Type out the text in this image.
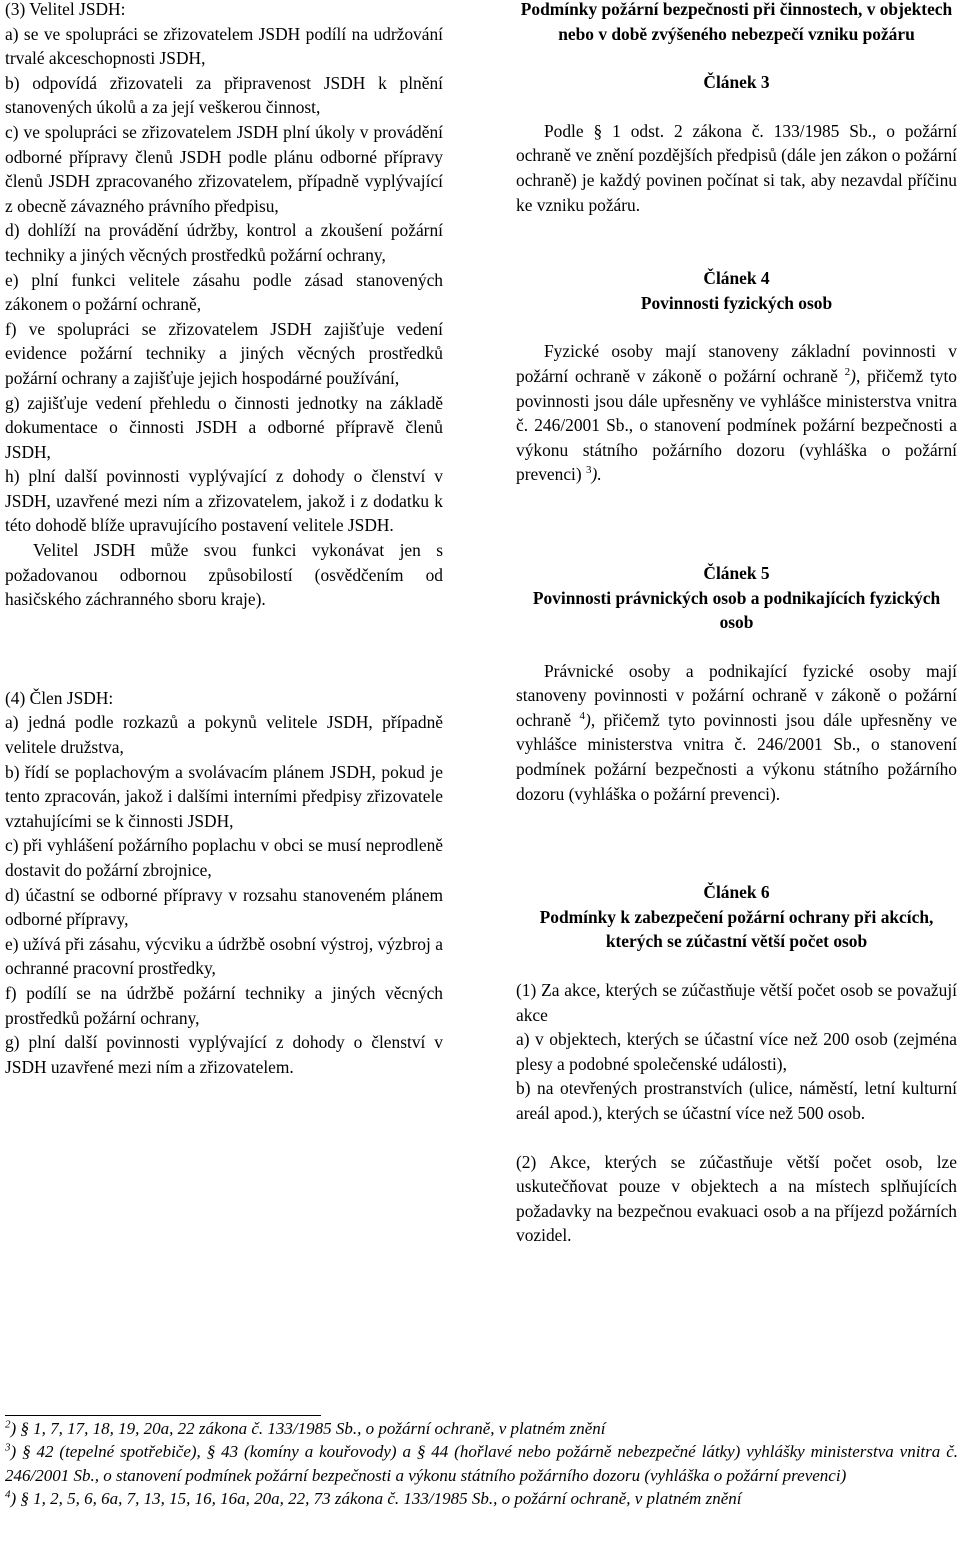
(3) Velitel JSDH:

a) se ve spolupráci se zřizovatelem JSDH podílí na udržování trvalé akceschopnosti JSDH,

b) odpovídá zřizovateli za připravenost JSDH k plnění stanovených úkolů a za její veškerou činnost,

c) ve spolupráci se zřizovatelem JSDH plní úkoly v provádění odborné přípravy členů JSDH podle plánu odborné přípravy členů JSDH zpracovaného zřizovatelem, případně vyplývající z obecně závazného právního předpisu,

d) dohlíží na provádění údržby, kontrol a zkoušení požární techniky a jiných věcných prostředků požární ochrany,

e) plní funkci velitele zásahu podle zásad stanovených zákonem o požární ochraně,

f) ve spolupráci se zřizovatelem JSDH zajišťuje vedení evidence požární techniky a jiných věcných prostředků požární ochrany a zajišťuje jejich hospodárné používání,

g) zajišťuje vedení přehledu o činnosti jednotky na základě dokumentace o činnosti JSDH a odborné přípravě členů JSDH,

h) plní další povinnosti vyplývající z dohody o členství v JSDH, uzavřené mezi ním a zřizovatelem, jakož i z dodatku k této dohodě blíže upravujícího postavení velitele JSDH.

Velitel JSDH může svou funkci vykonávat jen s požadovanou odbornou způsobilostí (osvědčením od hasičského záchranného sboru kraje).

(4) Člen JSDH:

a) jedná podle rozkazů a pokynů velitele JSDH, případně velitele družstva,

b) řídí se poplachovým a svolávacím plánem JSDH, pokud je tento zpracován, jakož i dalšími interními předpisy zřizovatele vztahujícími se k činnosti JSDH,

c) při vyhlášení požárního poplachu v obci se musí neprodleně dostavit do požární zbrojnice,

d) účastní se odborné přípravy v rozsahu stanoveném plánem odborné přípravy,

e) užívá při zásahu, výcviku a údržbě osobní výstroj, výzbroj a ochranné pracovní prostředky,

f) podílí se na údržbě požární techniky a jiných věcných prostředků požární ochrany,

g) plní další povinnosti vyplývající z dohody o členství v JSDH uzavřené mezi ním a zřizovatelem.

Podmínky požární bezpečnosti při činnostech, v objektech nebo v době zvýšeného nebezpečí vzniku požáru

Článek 3

Podle § 1 odst. 2 zákona č. 133/1985 Sb., o požární ochraně ve znění pozdějších předpisů (dále jen zákon o požární ochraně) je každý povinen počínat si tak, aby nezavdal příčinu ke vzniku požáru.

Článek 4

Povinnosti fyzických osob

Fyzické osoby mají stanoveny základní povinnosti v požární ochraně v zákoně o požární ochraně $^2$), přičemž tyto povinnosti jsou dále upřesněny ve vyhlášce ministerstva vnitra č. 246/2001 Sb., o stanovení podmínek požární bezpečnosti a výkonu státního požárního dozoru (vyhláška o požární prevenci) $^3$).

Článek 5

Povinnosti právnických osob a podnikajících fyzických osob

Právnické osoby a podnikající fyzické osoby mají stanoveny povinnosti v požární ochraně v zákoně o požární ochraně $^4$), přičemž tyto povinnosti jsou dále upřesněny ve vyhlášce ministerstva vnitra č. 246/2001 Sb., o stanovení podmínek požární bezpečnosti a výkonu státního požárního dozoru (vyhláška o požární prevenci).

Článek 6

Podmínky k zabezpečení požární ochrany při akcích, kterých se zúčastní větší počet osob

(1) Za akce, kterých se zúčastňuje větší počet osob se považují akce

a) v objektech, kterých se účastní více než 200 osob (zejména plesy a podobné společenské události),

b) na otevřených prostranstvích (ulice, náměstí, letní kulturní areál apod.), kterých se účastní více než 500 osob.

(2) Akce, kterých se zúčastňuje větší počet osob, lze uskutečňovat pouze v objektech a na místech splňujících požadavky na bezpečnou evakuaci osob a na příjezd požárních vozidel.

$^2$) § 1, 7, 17, 18, 19, 20a, 22 zákona č. 133/1985 Sb., o požární ochraně, v platném znění

$^3$) § 42 (tepelné spotřebiče), § 43 (komíny a kouřovody) a § 44 (hořlavé nebo požárně nebezpečné látky) vyhlášky ministerstva vnitra č. 246/2001 Sb., o stanovení podmínek požární bezpečnosti a výkonu státního požárního dozoru (vyhláška o požární prevenci)

$^4$) § 1, 2, 5, 6, 6a, 7, 13, 15, 16, 16a, 20a, 22, 73 zákona č. 133/1985 Sb., o požární ochraně, v platném znění
